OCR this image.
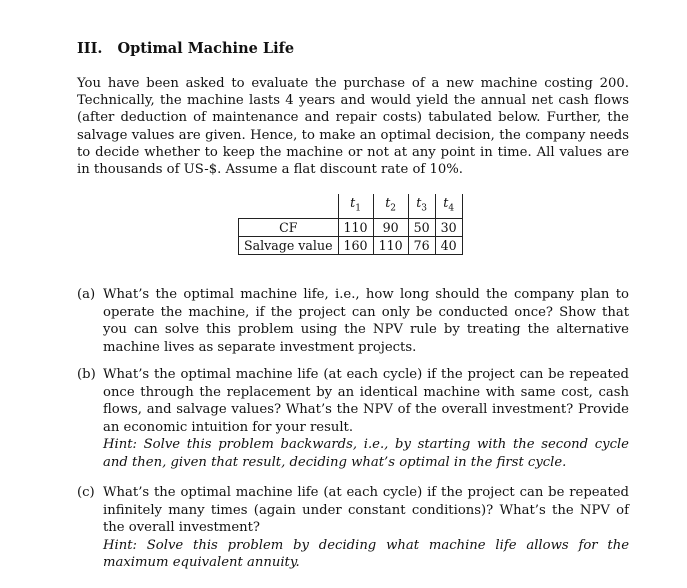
III. Optimal Machine Life
You have been asked to evaluate the purchase of a new machine costing 200. Technically, the machine lasts 4 years and would yield the annual net cash flows (after deduction of maintenance and repair costs) tabulated below. Further, the salvage values are given. Hence, to make an optimal decision, the company needs to decide whether to keep the machine or not at any point in time. All values are in thousands of US-$. Assume a flat discount rate of 10%.
	$t_1$	$t_2$	$t_3$	$t_4$
CF	110	90	50	30
Salvage value	160	110	76	40
(a) What’s the optimal machine life, i.e., how long should the company plan to operate the machine, if the project can only be conducted once? Show that you can solve this problem using the NPV rule by treating the alternative machine lives as separate investment projects.
(b) What’s the optimal machine life (at each cycle) if the project can be repeated once through the replacement by an identical machine with same cost, cash flows, and salvage values? What’s the NPV of the overall investment? Provide an economic intuition for your result.
Hint: Solve this problem backwards, i.e., by starting with the second cycle and then, given that result, deciding what’s optimal in the first cycle.
(c) What’s the optimal machine life (at each cycle) if the project can be repeated infinitely many times (again under constant conditions)? What’s the NPV of the overall investment?
Hint: Solve this problem by deciding what machine life allows for the maximum equivalent annuity.
